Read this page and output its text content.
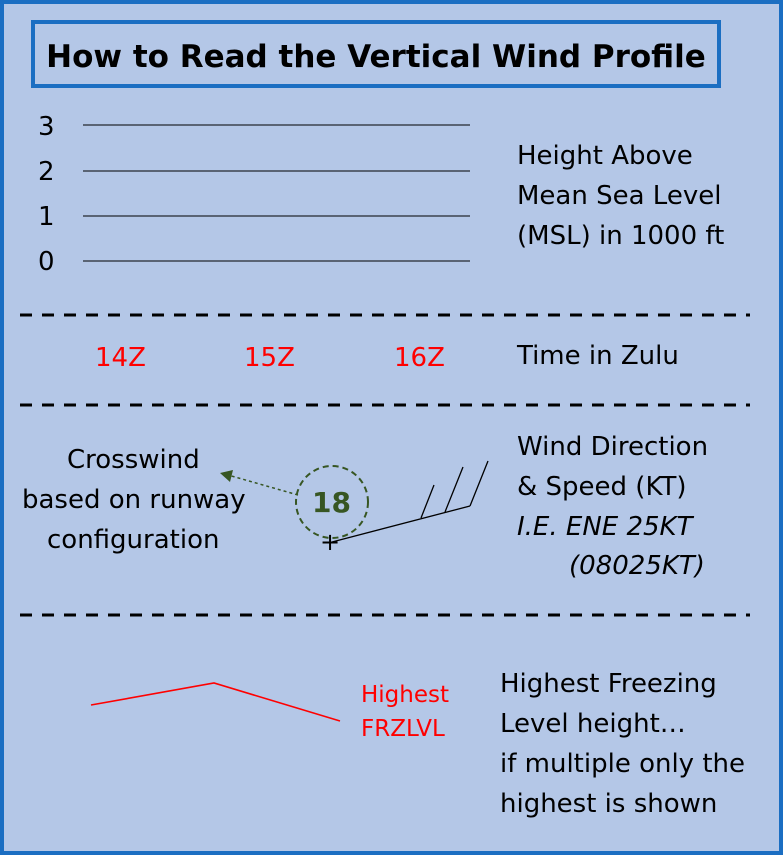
How to Read the Vertical Wind Profile
3
2
1
0
Height Above
Mean Sea Level
(MSL) in 1000 ft
14Z	15Z	16Z	Time in Zulu
Crosswind
based on runway
configuration
18
+
Wind Direction
& Speed (KT)
I.E. ENE 25KT
(08025KT)
Highest
FRZLVL
Highest Freezing
Level height…
if multiple only the
highest is shown
